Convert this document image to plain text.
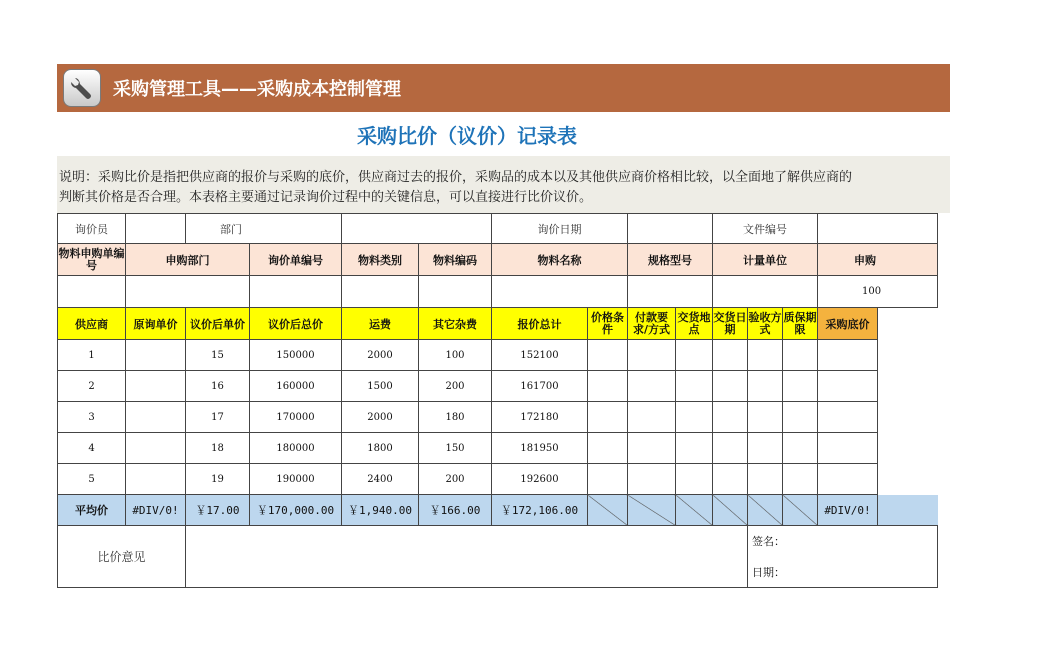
采购管理工具——采购成本控制管理
采购比价（议价）记录表
说明：采购比价是指把供应商的报价与采购的底价，供应商过去的报价，采购品的成本以及其他供应商价格相比较，以全面地了解供应商的
判断其价格是否合理。本表格主要通过记录询价过程中的关键信息，可以直接进行比价议价。
询价员		部门				询价日期				文件编号				
物料申购单编号	申购部门		询价单编号	物料类别	物料编码	物料名称		规格型号		计量单位			申购	
													100	
供应商	原询单价	议价后单价	议价后总价	运费	其它杂费	报价总计	价格条件	付款要求/方式	交货地点	交货日期	验收方式	质保期限	采购底价	
1		15	150000	2000	100	152100								
2		16	160000	1500	200	161700								
3		17	170000	2000	180	172180								
4		18	180000	1800	150	181950								
5		19	190000	2400	200	192600								
平均价	#DIV/0!	￥17.00	￥170,000.00	￥1,940.00	￥166.00	￥172,106.00							#DIV/0!	
比价意见											签名：			
											日期：			
